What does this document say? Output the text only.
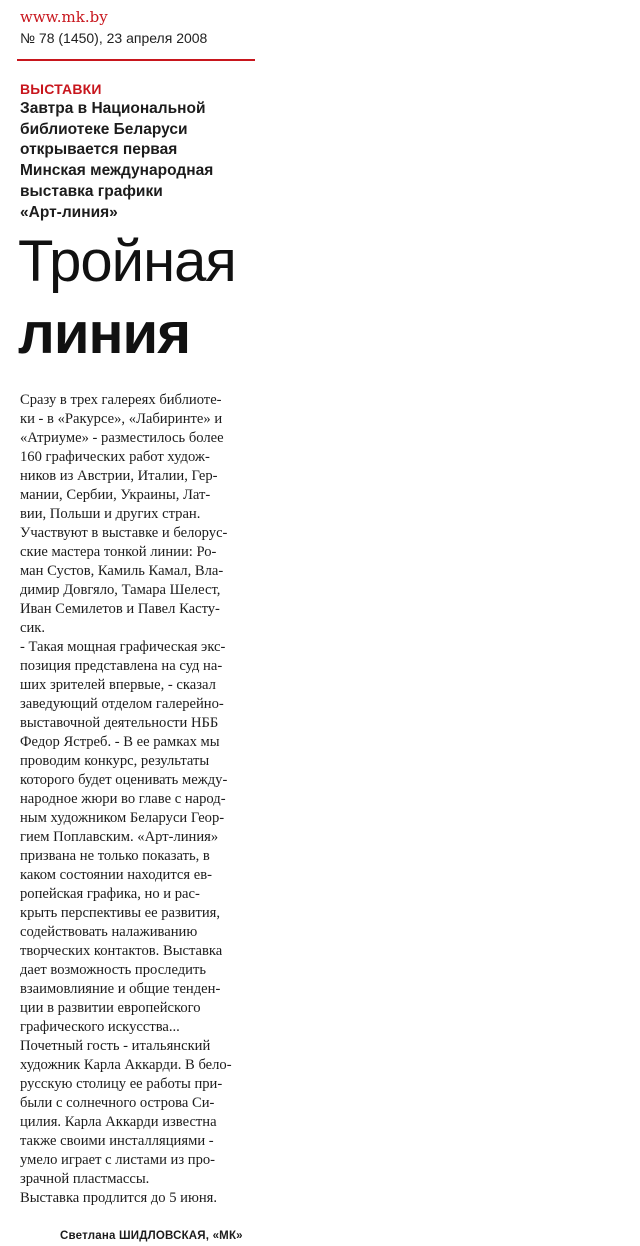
www.mk.by
№ 78 (1450), 23 апреля 2008
ВЫСТАВКИ
Завтра в Национальной
библиотеке Беларуси
открывается первая
Минская международная
выставка графики
«Арт-линия»
Тройная
линия
Сразу в трех галереях библиоте-
ки - в «Ракурсе», «Лабиринте» и
«Атриуме» - разместилось более
160 графических работ худож-
ников из Австрии, Италии, Гер-
мании, Сербии, Украины, Лат-
вии, Польши и других стран.
Участвуют в выставке и белорус-
ские мастера тонкой линии: Ро-
ман Сустов, Камиль Камал, Вла-
димир Довгяло, Тамара Шелест,
Иван Семилетов и Павел Касту-
сик.
- Такая мощная графическая экс-
позиция представлена на суд на-
ших зрителей впервые, - сказал
заведующий отделом галерейно-
выставочной деятельности НББ
Федор Ястреб. - В ее рамках мы
проводим конкурс, результаты
которого будет оценивать между-
народное жюри во главе с народ-
ным художником Беларуси Геор-
гием Поплавским. «Арт-линия»
призвана не только показать, в
каком состоянии находится ев-
ропейская графика, но и рас-
крыть перспективы ее развития,
содействовать налаживанию
творческих контактов. Выставка
дает возможность проследить
взаимовлияние и общие тенден-
ции в развитии европейского
графического искусства...
Почетный гость - итальянский
художник Карла Аккарди. В бело-
русскую столицу ее работы при-
были с солнечного острова Си-
цилия. Карла Аккарди известна
также своими инсталляциями -
умело играет с листами из про-
зрачной пластмассы.
Выставка продлится до 5 июня.
Светлана ШИДЛОВСКАЯ, «МК»
